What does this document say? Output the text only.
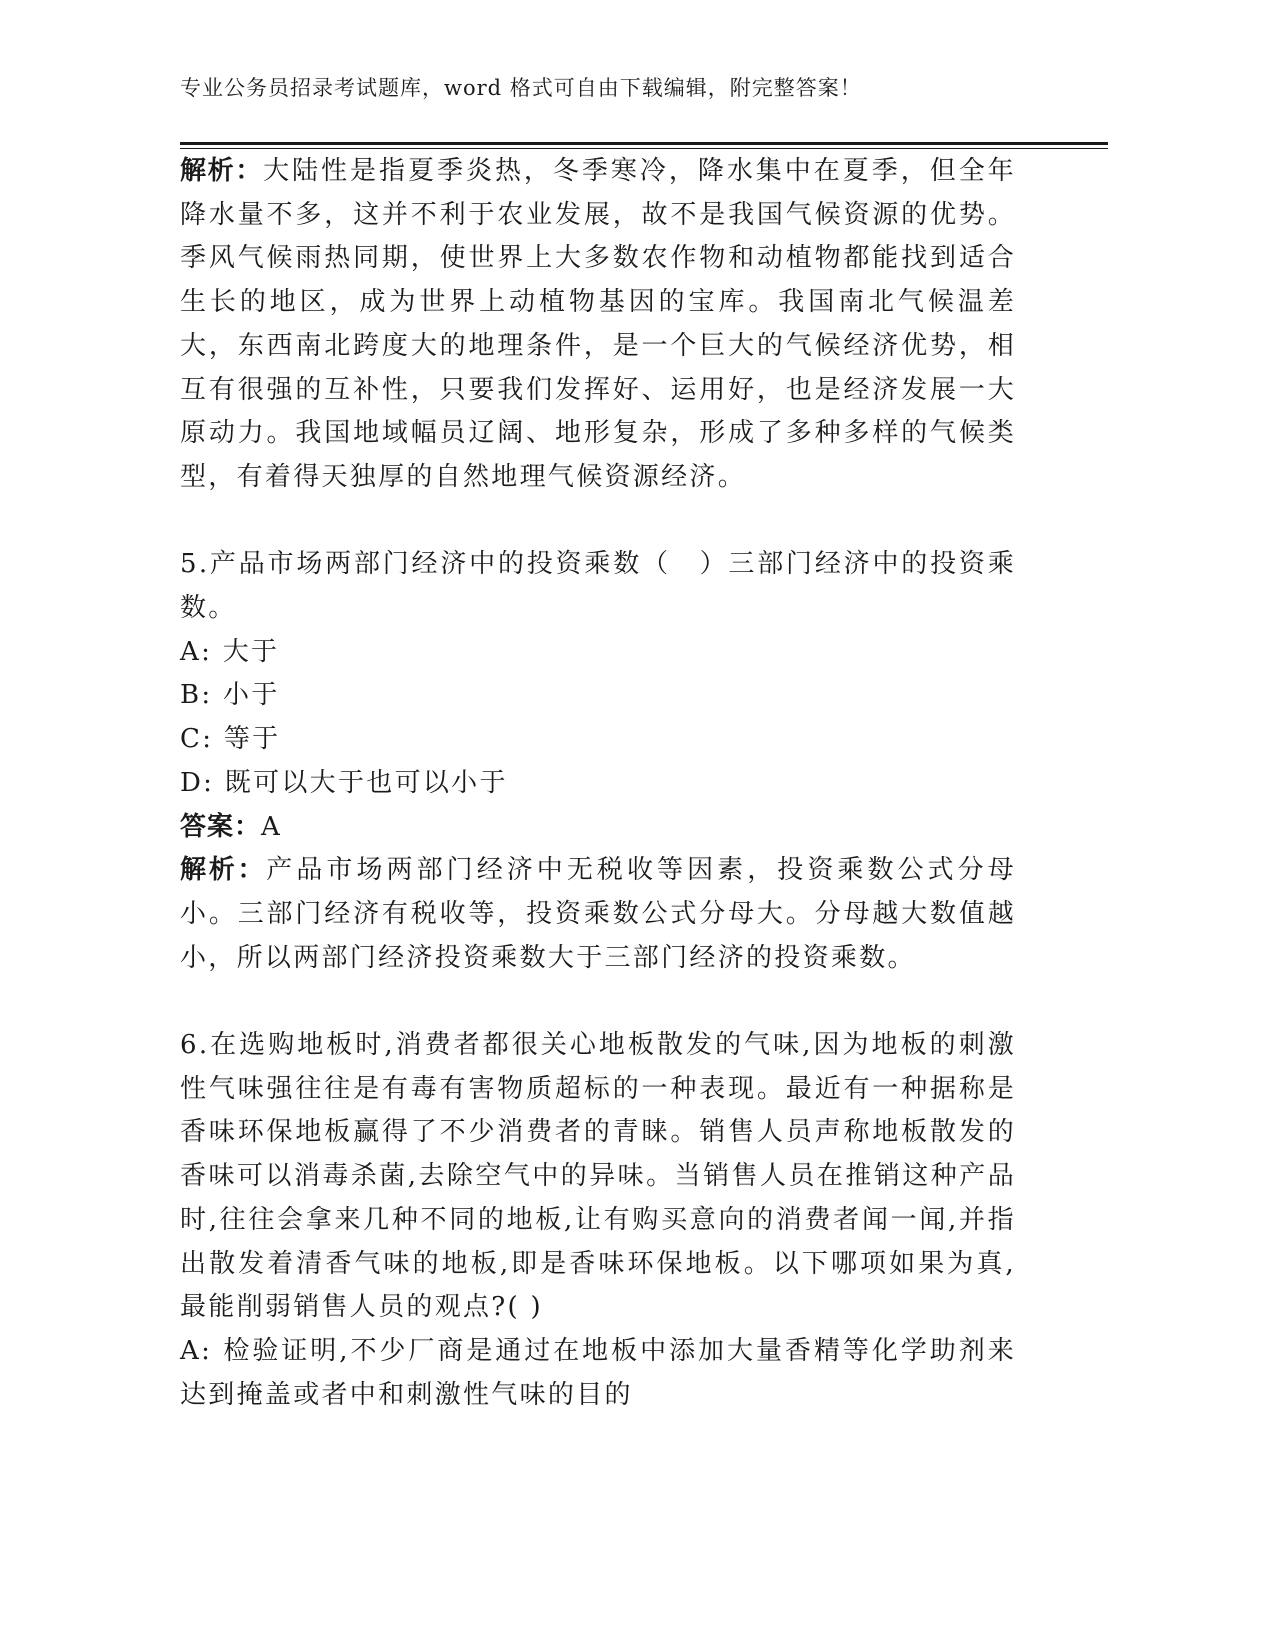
专业公务员招录考试题库，word 格式可自由下载编辑，附完整答案！

解析：大陆性是指夏季炎热，冬季寒冷，降水集中在夏季，但全年降水量不多，这并不利于农业发展，故不是我国气候资源的优势。季风气候雨热同期，使世界上大多数农作物和动植物都能找到适合生长的地区，成为世界上动植物基因的宝库。我国南北气候温差大，东西南北跨度大的地理条件，是一个巨大的气候经济优势，相互有很强的互补性，只要我们发挥好、运用好，也是经济发展一大原动力。我国地域幅员辽阔、地形复杂，形成了多种多样的气候类型，有着得天独厚的自然地理气候资源经济。

5.产品市场两部门经济中的投资乘数（　）三部门经济中的投资乘数。

A: 大于

B: 小于

C: 等于

D: 既可以大于也可以小于

答案：A

解析：产品市场两部门经济中无税收等因素，投资乘数公式分母小。三部门经济有税收等，投资乘数公式分母大。分母越大数值越小，所以两部门经济投资乘数大于三部门经济的投资乘数。

6.在选购地板时,消费者都很关心地板散发的气味,因为地板的刺激性气味强往往是有毒有害物质超标的一种表现。最近有一种据称是香味环保地板赢得了不少消费者的青睐。销售人员声称地板散发的香味可以消毒杀菌,去除空气中的异味。当销售人员在推销这种产品时,往往会拿来几种不同的地板,让有购买意向的消费者闻一闻,并指出散发着清香气味的地板,即是香味环保地板。以下哪项如果为真,最能削弱销售人员的观点?( )

A: 检验证明,不少厂商是通过在地板中添加大量香精等化学助剂来达到掩盖或者中和刺激性气味的目的
